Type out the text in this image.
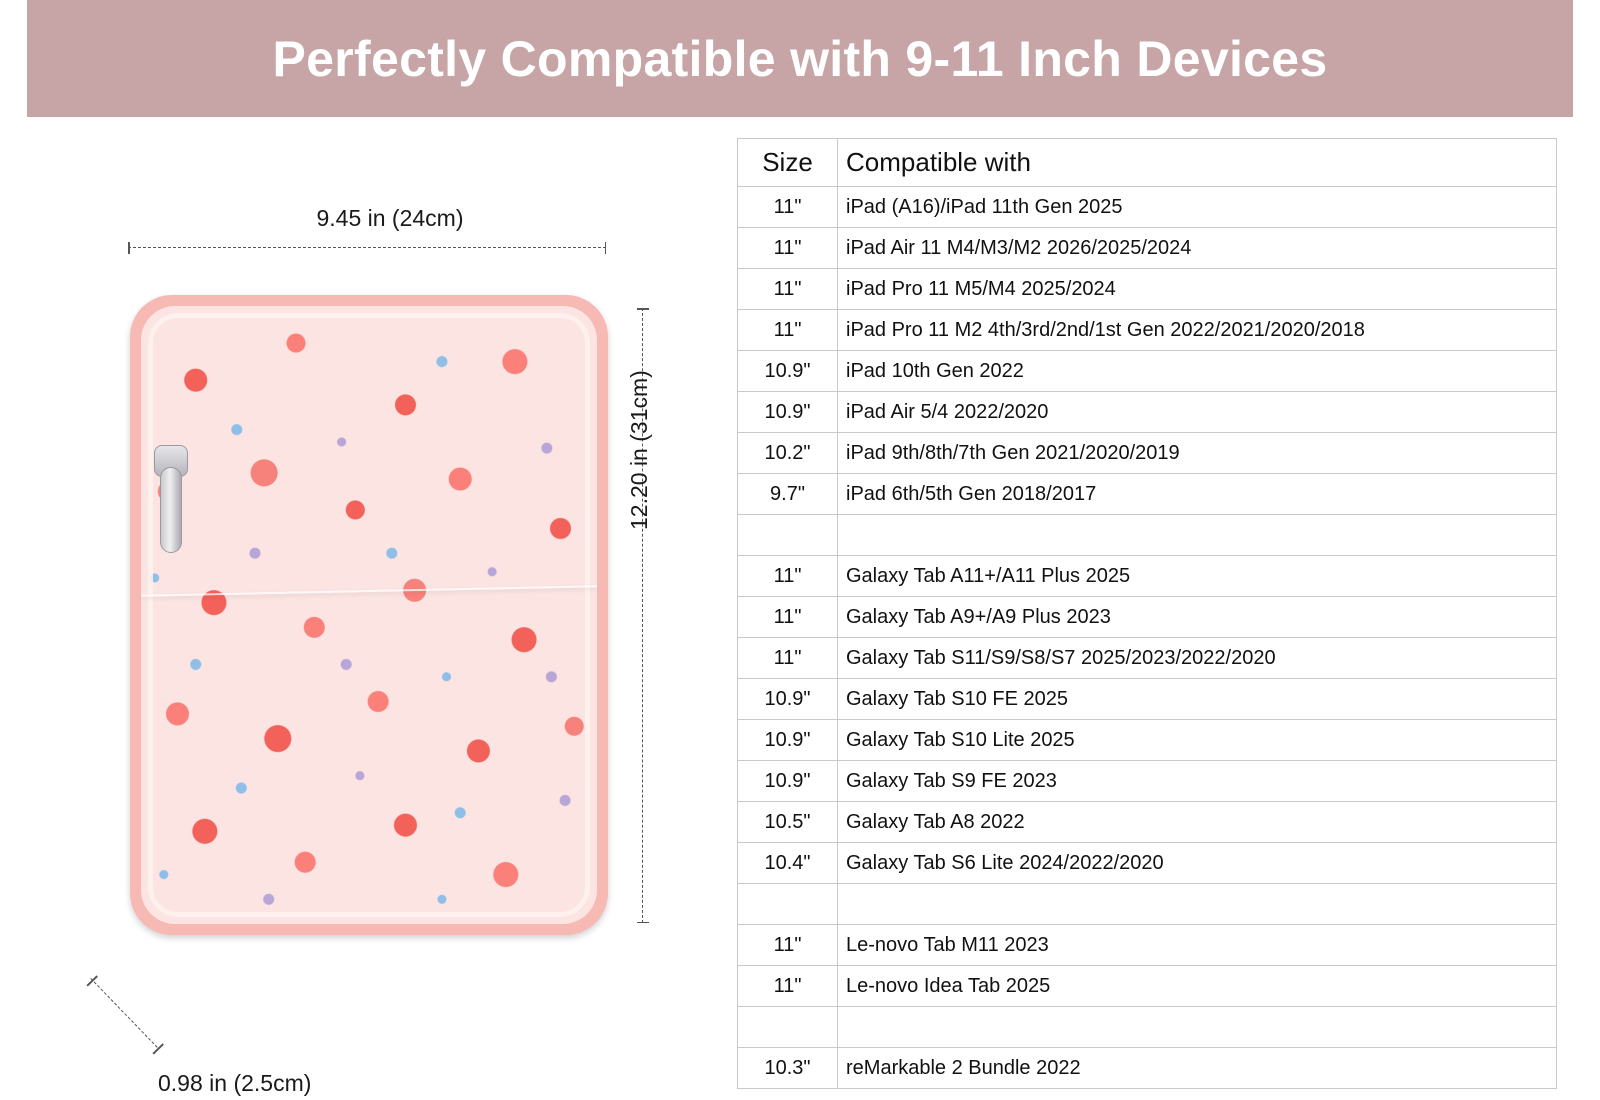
Perfectly Compatible with 9-11 Inch Devices
9.45 in (24cm)
12.20 in (31cm)
0.98 in (2.5cm)
Size	Compatible with
11"	iPad (A16)/iPad 11th Gen 2025
11"	iPad Air 11 M4/M3/M2 2026/2025/2024
11"	iPad Pro 11 M5/M4 2025/2024
11"	iPad Pro 11 M2 4th/3rd/2nd/1st Gen 2022/2021/2020/2018
10.9"	iPad 10th Gen 2022
10.9"	iPad Air 5/4 2022/2020
10.2"	iPad 9th/8th/7th Gen 2021/2020/2019
9.7"	iPad 6th/5th Gen 2018/2017

11"	Galaxy Tab A11+/A11 Plus 2025
11"	Galaxy Tab A9+/A9 Plus 2023
11"	Galaxy Tab S11/S9/S8/S7 2025/2023/2022/2020
10.9"	Galaxy Tab S10 FE 2025
10.9"	Galaxy Tab S10 Lite 2025
10.9"	Galaxy Tab S9 FE 2023
10.5"	Galaxy Tab A8 2022
10.4"	Galaxy Tab S6 Lite 2024/2022/2020

11"	Le-novo Tab M11 2023
11"	Le-novo Idea Tab 2025

10.3"	reMarkable 2 Bundle 2022
